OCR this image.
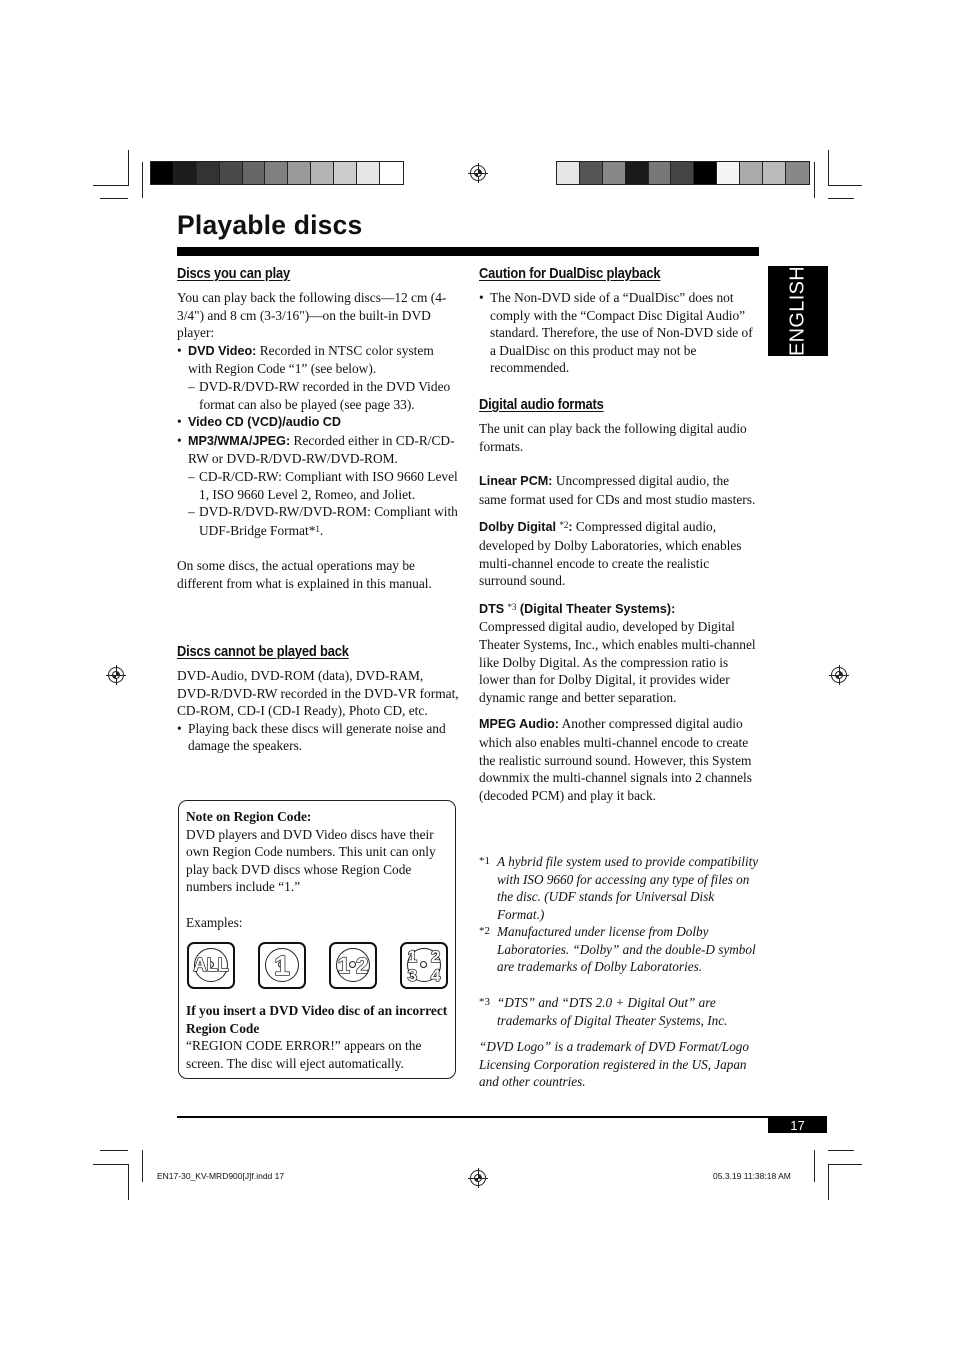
Playable discs
ENGLISH
Discs you can play

You can play back the following discs—12 cm (4-3/4") and 8 cm (3-3/16")—on the built-in DVD player:

• DVD Video: Recorded in NTSC color system with Region Code “1” (see below).
– DVD-R/DVD-RW recorded in the DVD Video format can also be played (see page 33).
• Video CD (VCD)/audio CD
• MP3/WMA/JPEG: Recorded either in CD-R/CD-RW or DVD-R/DVD-RW/DVD-ROM.
– CD-R/CD-RW: Compliant with ISO 9660 Level 1, ISO 9660 Level 2, Romeo, and Joliet.
– DVD-R/DVD-RW/DVD-ROM: Compliant with UDF-Bridge Format*$^1$.

On some discs, the actual operations may be different from what is explained in this manual.

Discs cannot be played back

DVD-Audio, DVD-ROM (data), DVD-RAM, DVD-R/DVD-RW recorded in the DVD-VR format, CD-ROM, CD-I (CD-I Ready), Photo CD, etc.

• Playing back these discs will generate noise and damage the speakers.

Note on Region Code:

DVD players and DVD Video discs have their own Region Code numbers. This unit can only play back DVD discs whose Region Code numbers include “1.”

Examples:

ALL	1	1 2	1 2 3 4

If you insert a DVD Video disc of an incorrect Region Code

“REGION CODE ERROR!” appears on the screen. The disc will eject automatically.

Caution for DualDisc playback
• The Non-DVD side of a “DualDisc” does not comply with the “Compact Disc Digital Audio” standard. Therefore, the use of Non-DVD side of a DualDisc on this product may not be recommended.
Digital audio formats

The unit can play back the following digital audio formats.

Linear PCM: Uncompressed digital audio, the same format used for CDs and most studio masters.

Dolby Digital $^{*2}$: Compressed digital audio, developed by Dolby Laboratories, which enables multi-channel encode to create the realistic surround sound.

DTS $^{*3}$ (Digital Theater Systems):

Compressed digital audio, developed by Digital Theater Systems, Inc., which enables multi-channel like Dolby Digital. As the compression ratio is lower than for Dolby Digital, it provides wider dynamic range and better separation.

MPEG Audio: Another compressed digital audio which also enables multi-channel encode to create the realistic surround sound. However, this System downmix the multi-channel signals into 2 channels (decoded PCM) and play it back.

*1 A hybrid file system used to provide compatibility with ISO 9660 for accessing any type of files on the disc. (UDF stands for Universal Disk Format.)
*2 Manufactured under license from Dolby Laboratories. “Dolby” and the double-D symbol are trademarks of Dolby Laboratories.
*3 “DTS” and “DTS 2.0 + Digital Out” are trademarks of Digital Theater Systems, Inc.
“DVD Logo” is a trademark of DVD Format/Logo Licensing Corporation registered in the US, Japan and other countries.
17
EN17-30_KV-MRD900[J]f.indd 17	05.3.19 11:38:18 AM
